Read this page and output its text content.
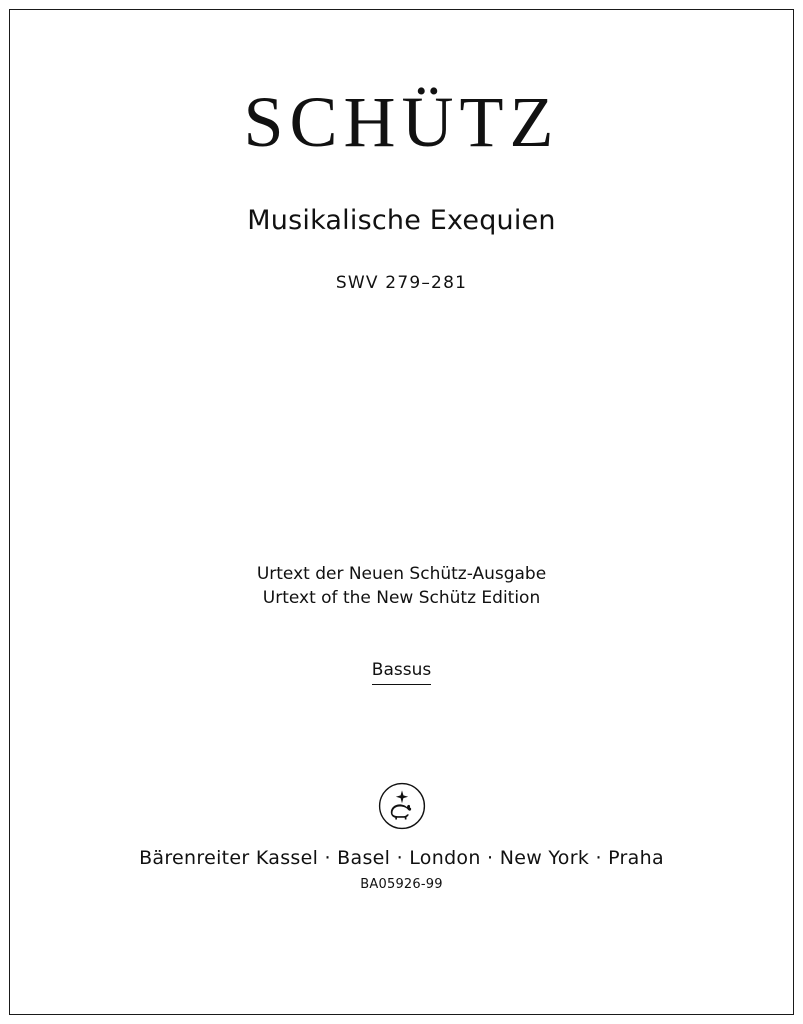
SCHÜTZ
Musikalische Exequien
SWV 279–281
Urtext der Neuen Schütz-Ausgabe
Urtext of the New Schütz Edition
Bassus
Bärenreiter Kassel · Basel · London · New York · Praha
BA05926-99
